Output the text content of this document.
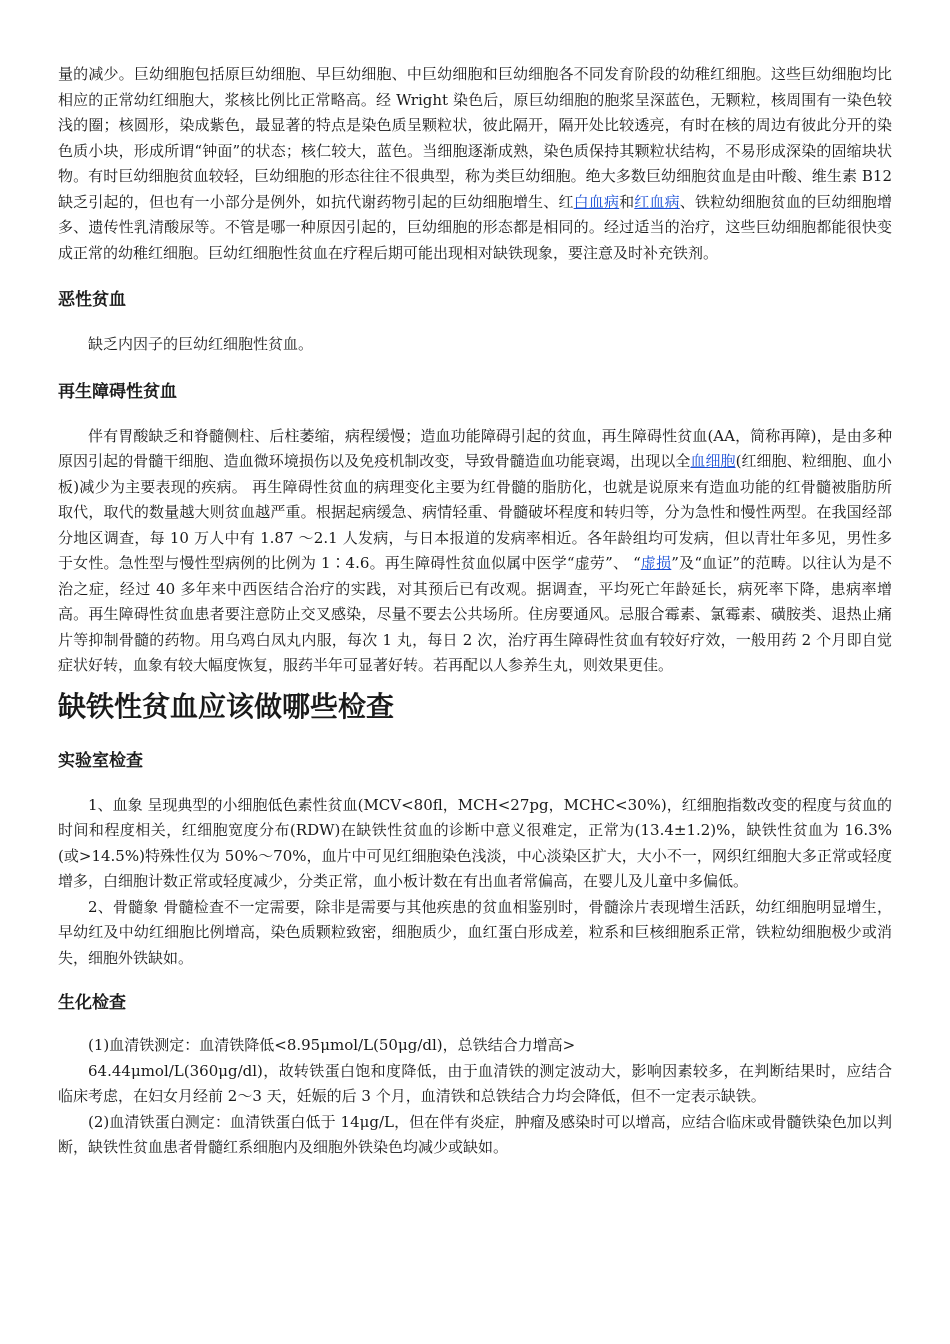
量的减少。巨幼细胞包括原巨幼细胞、早巨幼细胞、中巨幼细胞和巨幼细胞各不同发育阶段的幼稚红细胞。这些巨幼细胞均比相应的正常幼红细胞大，浆核比例比正常略高。经 Wright 染色后，原巨幼细胞的胞浆呈深蓝色，无颗粒，核周围有一染色较浅的圈；核圆形，染成紫色，最显著的特点是染色质呈颗粒状，彼此隔开，隔开处比较透亮，有时在核的周边有彼此分开的染色质小块，形成所谓“钟面”的状态；核仁较大，蓝色。当细胞逐渐成熟，染色质保持其颗粒状结构，不易形成深染的固缩块状物。有时巨幼细胞贫血较轻，巨幼细胞的形态往往不很典型，称为类巨幼细胞。绝大多数巨幼细胞贫血是由叶酸、维生素 B12 缺乏引起的，但也有一小部分是例外，如抗代谢药物引起的巨幼细胞增生、红白血病和红血病、铁粒幼细胞贫血的巨幼细胞增多、遗传性乳清酸尿等。不管是哪一种原因引起的，巨幼细胞的形态都是相同的。经过适当的治疗，这些巨幼细胞都能很快变成正常的幼稚红细胞。巨幼红细胞性贫血在疗程后期可能出现相对缺铁现象，要注意及时补充铁剂。

恶性贫血

缺乏内因子的巨幼红细胞性贫血。

再生障碍性贫血

伴有胃酸缺乏和脊髓侧柱、后柱萎缩，病程缓慢；造血功能障碍引起的贫血，再生障碍性贫血(AA，简称再障)，是由多种原因引起的骨髓干细胞、造血微环境损伤以及免疫机制改变，导致骨髓造血功能衰竭，出现以全血细胞(红细胞、粒细胞、血小板)减少为主要表现的疾病。 再生障碍性贫血的病理变化主要为红骨髓的脂肪化，也就是说原来有造血功能的红骨髓被脂肪所取代，取代的数量越大则贫血越严重。根据起病缓急、病情轻重、骨髓破坏程度和转归等，分为急性和慢性两型。在我国经部分地区调查，每 10 万人中有 1.87 ～2.1 人发病，与日本报道的发病率相近。各年龄组均可发病，但以青壮年多见，男性多于女性。急性型与慢性型病例的比例为 1∶4.6。再生障碍性贫血似属中医学“虚劳”、 “虚损”及“血证”的范畴。以往认为是不治之症，经过 40 多年来中西医结合治疗的实践，对其预后已有改观。据调查，平均死亡年龄延长，病死率下降，患病率增高。再生障碍性贫血患者要注意防止交叉感染，尽量不要去公共场所。住房要通风。忌服合霉素、氯霉素、磺胺类、退热止痛片等抑制骨髓的药物。用乌鸡白凤丸内服，每次 1 丸，每日 2 次，治疗再生障碍性贫血有较好疗效，一般用药 2 个月即自觉症状好转，血象有较大幅度恢复，服药半年可显著好转。若再配以人参养生丸，则效果更佳。

缺铁性贫血应该做哪些检查
实验室检查

1、血象 呈现典型的小细胞低色素性贫血(MCV<80fl，MCH<27pg，MCHC<30%)，红细胞指数改变的程度与贫血的时间和程度相关，红细胞宽度分布(RDW)在缺铁性贫血的诊断中意义很难定，正常为(13.4±1.2)%，缺铁性贫血为 16.3%(或>14.5%)特殊性仅为 50%～70%，血片中可见红细胞染色浅淡，中心淡染区扩大，大小不一，网织红细胞大多正常或轻度增多，白细胞计数正常或轻度减少，分类正常，血小板计数在有出血者常偏高，在婴儿及儿童中多偏低。

2、骨髓象 骨髓检查不一定需要，除非是需要与其他疾患的贫血相鉴别时，骨髓涂片表现增生活跃，幼红细胞明显增生，早幼红及中幼红细胞比例增高，染色质颗粒致密，细胞质少，血红蛋白形成差，粒系和巨核细胞系正常，铁粒幼细胞极少或消失，细胞外铁缺如。

生化检查

(1)血清铁测定：血清铁降低<8.95μmol/L(50μg/dl)，总铁结合力增高>

64.44μmol/L(360μg/dl)，故转铁蛋白饱和度降低，由于血清铁的测定波动大，影响因素较多，在判断结果时，应结合临床考虑，在妇女月经前 2～3 天，妊娠的后 3 个月，血清铁和总铁结合力均会降低，但不一定表示缺铁。

(2)血清铁蛋白测定：血清铁蛋白低于 14μg/L，但在伴有炎症，肿瘤及感染时可以增高，应结合临床或骨髓铁染色加以判断，缺铁性贫血患者骨髓红系细胞内及细胞外铁染色均减少或缺如。
